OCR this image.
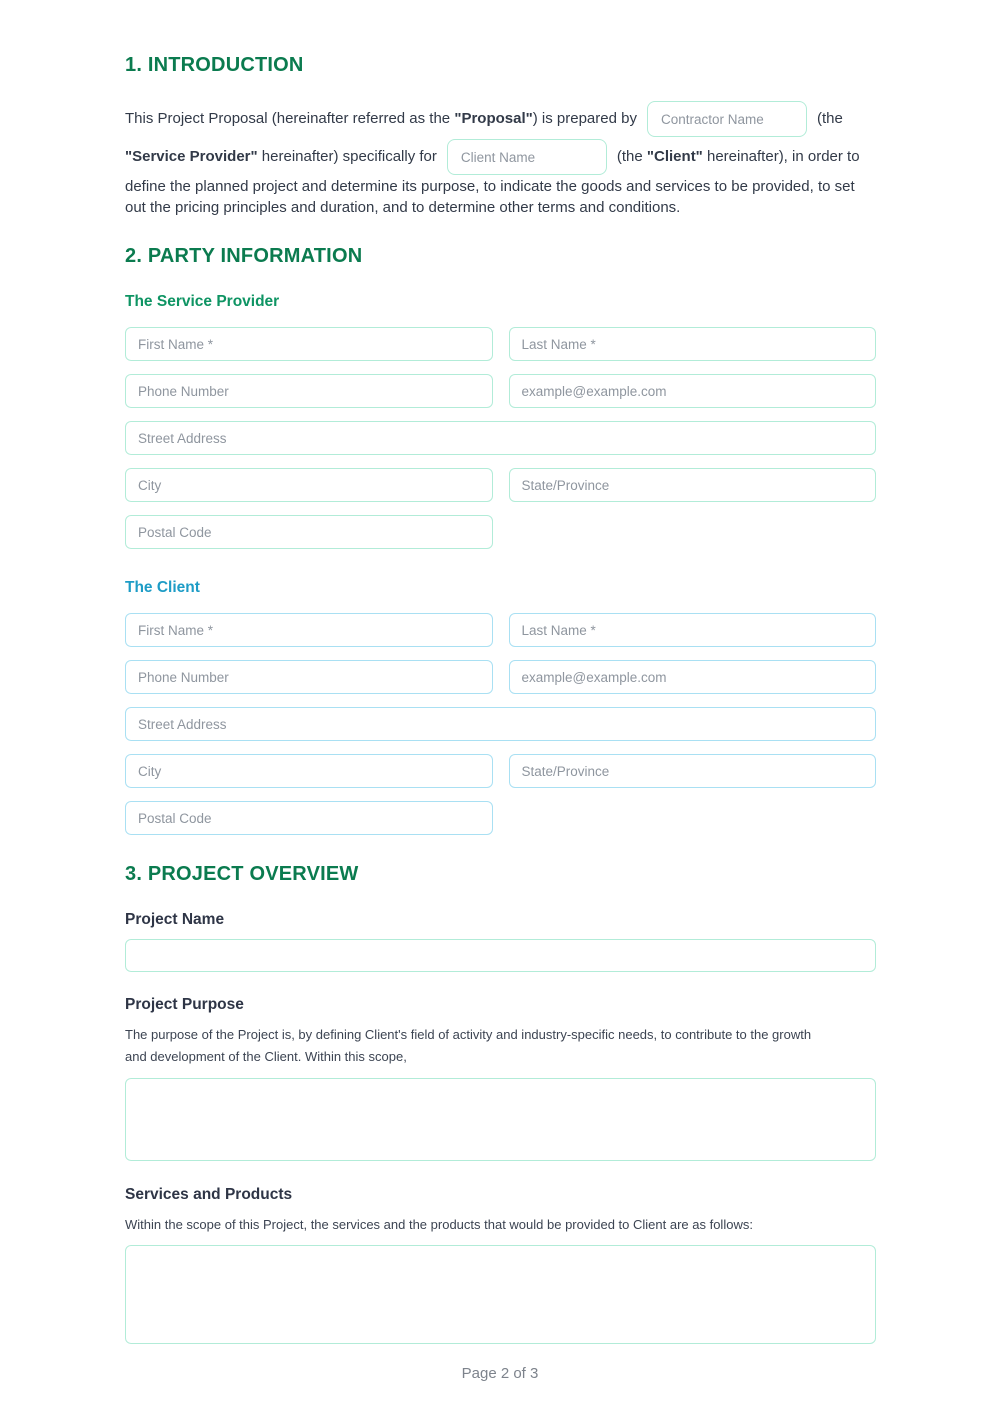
1. INTRODUCTION

This Project Proposal (hereinafter referred as the "Proposal") is prepared byContractor Name	(the "Service Provider" hereinafter) specifically forClient Name	(the "Client" hereinafter), in order to define the planned project and determine its purpose, to indicate the goods and services to be provided, to set out the pricing principles and duration, and to determine other terms and conditions.

2. PARTY INFORMATION
The Service Provider
First Name *
Last Name *
Phone Number
example@example.com
Street Address
City
State/Province
Postal Code
The Client
First Name *
Last Name *
Phone Number
example@example.com
Street Address
City
State/Province
Postal Code
3. PROJECT OVERVIEW
Project Name
Project Purpose

The purpose of the Project is, by defining Client's field of activity and industry-specific needs, to contribute to the growth and development of the Client. Within this scope,

Services and Products

Within the scope of this Project, the services and the products that would be provided to Client are as follows:

Page 2 of 3
